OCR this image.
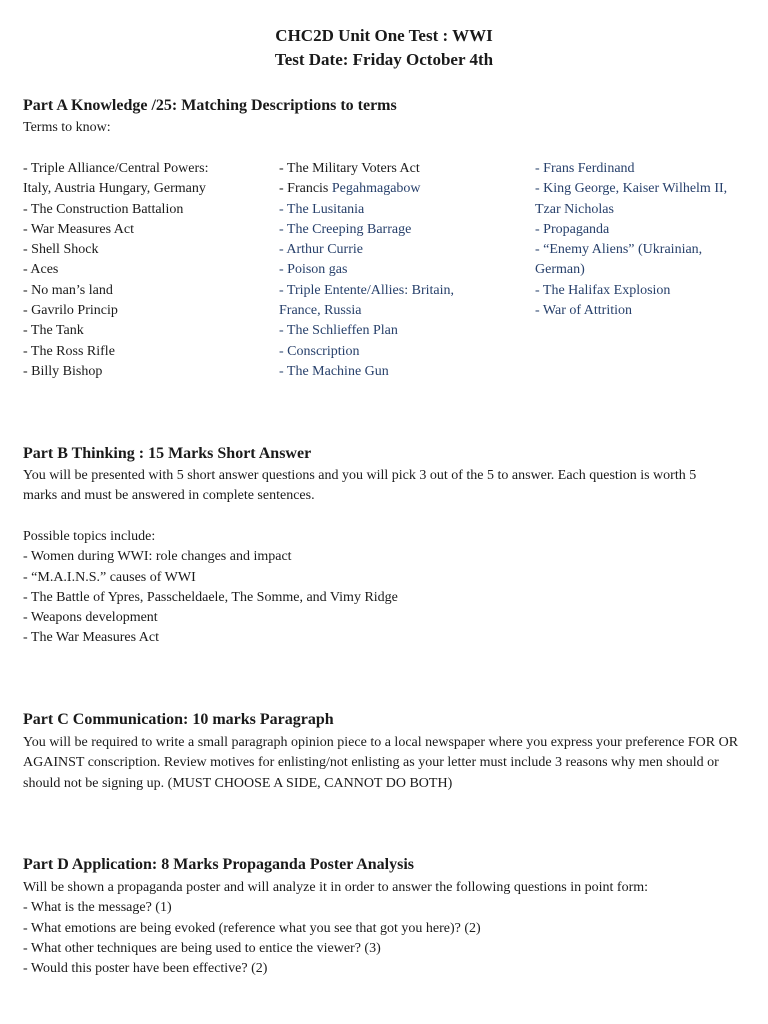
CHC2D Unit One Test : WWI
Test Date: Friday October 4th
Part A Knowledge /25: Matching Descriptions to terms
Terms to know:
- Triple Alliance/Central Powers:
Italy, Austria Hungary, Germany
- The Construction Battalion
- War Measures Act
- Shell Shock
- Aces
- No man’s land
- Gavrilo Princip
- The Tank
- The Ross Rifle
- Billy Bishop
- The Military Voters Act
- Francis Pegahmagabow
- The Lusitania
- The Creeping Barrage
- Arthur Currie
- Poison gas
- Triple Entente/Allies: Britain,
France, Russia
- The Schlieffen Plan
- Conscription
- The Machine Gun
- Frans Ferdinand
- King George, Kaiser Wilhelm II,
Tzar Nicholas
- Propaganda
- “Enemy Aliens” (Ukrainian,
German)
- The Halifax Explosion
- War of Attrition
Part B Thinking : 15 Marks Short Answer
You will be presented with 5 short answer questions and you will pick 3 out of the 5 to answer. Each question is worth 5
marks and must be answered in complete sentences.
Possible topics include:
- Women during WWI: role changes and impact
- “M.A.I.N.S.” causes of WWI
- The Battle of Ypres, Passcheldaele, The Somme, and Vimy Ridge
- Weapons development
- The War Measures Act
Part C Communication: 10 marks Paragraph
You will be required to write a small paragraph opinion piece to a local newspaper where you express your preference FOR OR
AGAINST conscription. Review motives for enlisting/not enlisting as your letter must include 3 reasons why men should or
should not be signing up. (MUST CHOOSE A SIDE, CANNOT DO BOTH)
Part D Application: 8 Marks Propaganda Poster Analysis
Will be shown a propaganda poster and will analyze it in order to answer the following questions in point form:
- What is the message? (1)
- What emotions are being evoked (reference what you see that got you here)? (2)
- What other techniques are being used to entice the viewer? (3)
- Would this poster have been effective? (2)
